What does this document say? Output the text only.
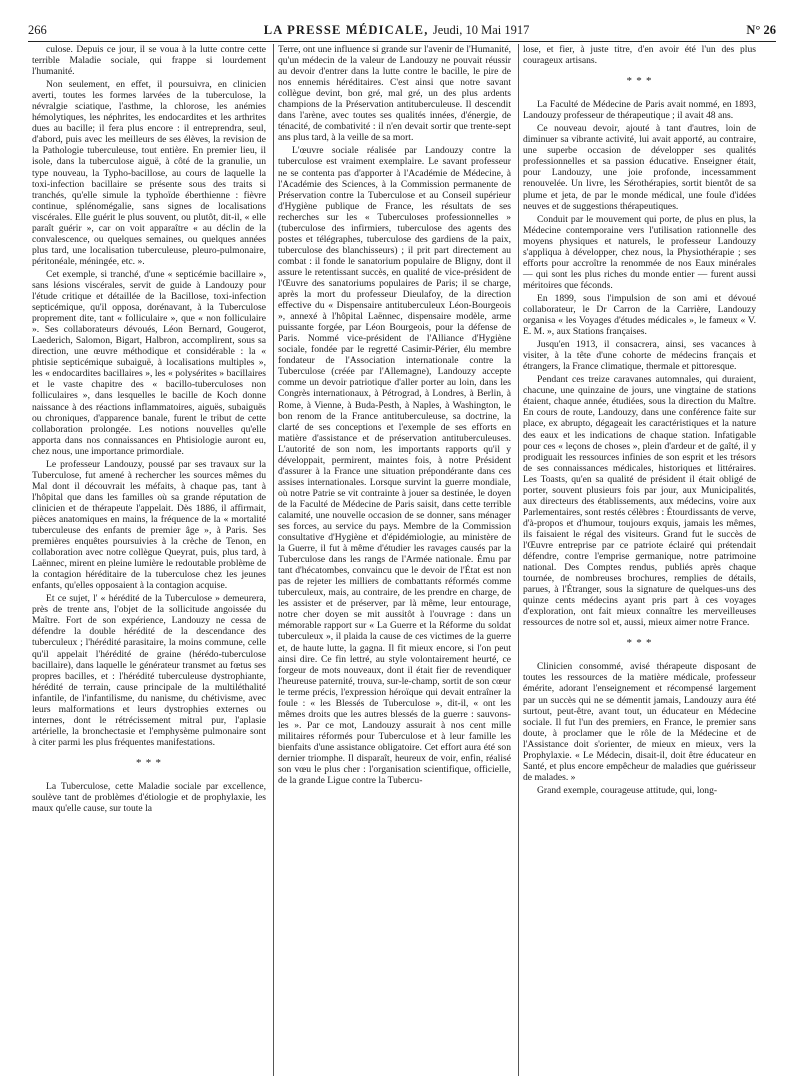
266	LA PRESSE MÉDICALE, Jeudi, 10 Mai 1917	N° 26

culose. Depuis ce jour, il se voua à la lutte contre cette terrible Maladie sociale, qui frappe si lourdement l'humanité.

Non seulement, en effet, il poursuivra, en clinicien averti, toutes les formes larvées de la tuberculose, la névralgie sciatique, l'asthme, la chlorose, les anémies hémolytiques, les néphrites, les endocardites et les arthrites dues au bacille; il fera plus encore : il entreprendra, seul, d'abord, puis avec les meilleurs de ses élèves, la revision de la Pathologie tuberculeuse, tout entière. En premier lieu, il isole, dans la tuberculose aiguë, à côté de la granulie, un type nouveau, la Typho-bacillose, au cours de laquelle la toxi-infection bacillaire se présente sous des traits si tranchés, qu'elle simule la typhoïde éberthienne : fièvre continue, splénomégalie, sans signes de localisations viscérales. Elle guérit le plus souvent, ou plutôt, dit-il, « elle paraît guérir », car on voit apparaître « au déclin de la convalescence, ou quelques semaines, ou quelques années plus tard, une localisation tuberculeuse, pleuro-pulmonaire, péritonéale, méningée, etc. ».

Cet exemple, si tranché, d'une « septicémie bacillaire », sans lésions viscérales, servit de guide à Landouzy pour l'étude critique et détaillée de la Bacillose, toxi-infection septicémique, qu'il opposa, dorénavant, à la Tuberculose proprement dite, tant « folliculaire », que « non folliculaire ». Ses collaborateurs dévoués, Léon Bernard, Gougerot, Laederich, Salomon, Bigart, Halbron, accomplirent, sous sa direction, une œuvre méthodique et considérable : la « phtisie septicémique subaiguë, à localisations multiples », les « endocardites bacillaires », les « polysérites » bacillaires et le vaste chapitre des « bacillo-tuberculoses non folliculaires », dans lesquelles le bacille de Koch donne naissance à des réactions inflammatoires, aiguës, subaiguës ou chroniques, d'apparence banale, furent le tribut de cette collaboration prolongée. Les notions nouvelles qu'elle apporta dans nos connaissances en Phtisiologie auront eu, chez nous, une importance primordiale.

Le professeur Landouzy, poussé par ses travaux sur la Tuberculose, fut amené à rechercher les sources mêmes du Mal dont il découvrait les méfaits, à chaque pas, tant à l'hôpital que dans les familles où sa grande réputation de clinicien et de thérapeute l'appelait. Dès 1886, il affirmait, pièces anatomiques en mains, la fréquence de la « mortalité tuberculeuse des enfants de premier âge », à Paris. Ses premières enquêtes poursuivies à la crèche de Tenon, en collaboration avec notre collègue Queyrat, puis, plus tard, à Laënnec, mirent en pleine lumière le redoutable problème de la contagion héréditaire de la tuberculose chez les jeunes enfants, qu'elles opposaient à la contagion acquise.

Et ce sujet, l' « hérédité de la Tuberculose » demeurera, près de trente ans, l'objet de la sollicitude angoissée du Maître. Fort de son expérience, Landouzy ne cessa de défendre la double hérédité de la descendance des tuberculeux ; l'hérédité parasitaire, la moins commune, celle qu'il appelait l'hérédité de graine (hérédo-tuberculose bacillaire), dans laquelle le générateur transmet au fœtus ses propres bacilles, et : l'hérédité tuberculeuse dystrophiante, hérédité de terrain, cause principale de la multiléthalité infantile, de l'infantilisme, du nanisme, du chétivisme, avec leurs malformations et leurs dystrophies externes ou internes, dont le rétrécissement mitral pur, l'aplasie artérielle, la bronchectasie et l'emphysème pulmonaire sont à citer parmi les plus fréquentes manifestations.

* * *

La Tuberculose, cette Maladie sociale par excellence, soulève tant de problèmes d'étiologie et de prophylaxie, les maux qu'elle cause, sur toute la

Terre, ont une influence si grande sur l'avenir de l'Humanité, qu'un médecin de la valeur de Landouzy ne pouvait réussir au devoir d'entrer dans la lutte contre le bacille, le pire de nos ennemis héréditaires. C'est ainsi que notre savant collègue devint, bon gré, mal gré, un des plus ardents champions de la Préservation antituberculeuse. Il descendit dans l'arène, avec toutes ses qualités innées, d'énergie, de ténacité, de combativité : il n'en devait sortir que trente-sept ans plus tard, à la veille de sa mort.

L'œuvre sociale réalisée par Landouzy contre la tuberculose est vraiment exemplaire. Le savant professeur ne se contenta pas d'apporter à l'Académie de Médecine, à l'Académie des Sciences, à la Commission permanente de Préservation contre la Tuberculose et au Conseil supérieur d'Hygiène publique de France, les résultats de ses recherches sur les « Tuberculoses professionnelles » (tuberculose des infirmiers, tuberculose des agents des postes et télégraphes, tuberculose des gardiens de la paix, tuberculose des blanchisseurs) ; il prit part directement au combat : il fonde le sanatorium populaire de Bligny, dont il assure le retentissant succès, en qualité de vice-président de l'Œuvre des sanatoriums populaires de Paris; il se charge, après la mort du professeur Dieulafoy, de la direction effective du « Dispensaire antituberculeux Léon-Bourgeois », annexé à l'hôpital Laënnec, dispensaire modèle, arme puissante forgée, par Léon Bourgeois, pour la défense de Paris. Nommé vice-président de l'Alliance d'Hygiène sociale, fondée par le regretté Casimir-Périer, élu membre fondateur de l'Association internationale contre la Tuberculose (créée par l'Allemagne), Landouzy accepte comme un devoir patriotique d'aller porter au loin, dans les Congrès internationaux, à Pétrograd, à Londres, à Berlin, à Rome, à Vienne, à Buda-Pesth, à Naples, à Washington, le bon renom de la France antituberculeuse, sa doctrine, la clarté de ses conceptions et l'exemple de ses efforts en matière d'assistance et de préservation antituberculeuses. L'autorité de son nom, les importants rapports qu'il y développait, permirent, maintes fois, à notre Président d'assurer à la France une situation prépondérante dans ces assises internationales. Lorsque survint la guerre mondiale, où notre Patrie se vit contrainte à jouer sa destinée, le doyen de la Faculté de Médecine de Paris saisit, dans cette terrible calamité, une nouvelle occasion de se donner, sans ménager ses forces, au service du pays. Membre de la Commission consultative d'Hygiène et d'épidémiologie, au ministère de la Guerre, il fut à même d'étudier les ravages causés par la Tuberculose dans les rangs de l'Armée nationale. Ému par tant d'hécatombes, convaincu que le devoir de l'État est non pas de rejeter les milliers de combattants réformés comme tuberculeux, mais, au contraire, de les prendre en charge, de les assister et de préserver, par là même, leur entourage, notre cher doyen se mit aussitôt à l'ouvrage : dans un mémorable rapport sur « La Guerre et la Réforme du soldat tuberculeux », il plaida la cause de ces victimes de la guerre et, de haute lutte, la gagna. Il fit mieux encore, si l'on peut ainsi dire. Ce fin lettré, au style volontairement heurté, ce forgeur de mots nouveaux, dont il était fier de revendiquer l'heureuse paternité, trouva, sur-le-champ, sortit de son cœur le terme précis, l'expression héroïque qui devait entraîner la foule : « les Blessés de Tuberculose », dit-il, « ont les mêmes droits que les autres blessés de la guerre : sauvons-les ». Par ce mot, Landouzy assurait à nos cent mille militaires réformés pour Tuberculose et à leur famille les bienfaits d'une assistance obligatoire. Cet effort aura été son dernier triomphe. Il disparaît, heureux de voir, enfin, réalisé son vœu le plus cher : l'organisation scientifique, officielle, de la grande Ligue contre la Tubercu-

lose, et fier, à juste titre, d'en avoir été l'un des plus courageux artisans.

* * *

La Faculté de Médecine de Paris avait nommé, en 1893, Landouzy professeur de thérapeutique ; il avait 48 ans.

Ce nouveau devoir, ajouté à tant d'autres, loin de diminuer sa vibrante activité, lui avait apporté, au contraire, une superbe occasion de développer ses qualités professionnelles et sa passion éducative. Enseigner était, pour Landouzy, une joie profonde, incessamment renouvelée. Un livre, les Sérothérapies, sortit bientôt de sa plume et jeta, de par le monde médical, une foule d'idées neuves et de suggestions thérapeutiques.

Conduit par le mouvement qui porte, de plus en plus, la Médecine contemporaine vers l'utilisation rationnelle des moyens physiques et naturels, le professeur Landouzy s'appliqua à développer, chez nous, la Physiothérapie ; ses efforts pour accroître la renommée de nos Eaux minérales — qui sont les plus riches du monde entier — furent aussi méritoires que féconds.

En 1899, sous l'impulsion de son ami et dévoué collaborateur, le Dr Carron de la Carrière, Landouzy organisa « les Voyages d'études médicales », le fameux « V. E. M. », aux Stations françaises.

Jusqu'en 1913, il consacrera, ainsi, ses vacances à visiter, à la tête d'une cohorte de médecins français et étrangers, la France climatique, thermale et pittoresque.

Pendant ces treize caravanes automnales, qui duraient, chacune, une quinzaine de jours, une vingtaine de stations étaient, chaque année, étudiées, sous la direction du Maître. En cours de route, Landouzy, dans une conférence faite sur place, ex abrupto, dégageait les caractéristiques et la nature des eaux et les indications de chaque station. Infatigable pour ces « leçons de choses », plein d'ardeur et de gaîté, il y prodiguait les ressources infinies de son esprit et les trésors de ses connaissances médicales, historiques et littéraires. Les Toasts, qu'en sa qualité de président il était obligé de porter, souvent plusieurs fois par jour, aux Municipalités, aux directeurs des établissements, aux médecins, voire aux Parlementaires, sont restés célèbres : Étourdissants de verve, d'à-propos et d'humour, toujours exquis, jamais les mêmes, ils faisaient le régal des visiteurs. Grand fut le succès de l'Œuvre entreprise par ce patriote éclairé qui prétendait défendre, contre l'emprise germanique, notre patrimoine national. Des Comptes rendus, publiés après chaque tournée, de nombreuses brochures, remplies de détails, parues, à l'Étranger, sous la signature de quelques-uns des quinze cents médecins ayant pris part à ces voyages d'exploration, ont fait mieux connaître les merveilleuses ressources de notre sol et, aussi, mieux aimer notre France.

* * *

Clinicien consommé, avisé thérapeute disposant de toutes les ressources de la matière médicale, professeur émérite, adorant l'enseignement et récompensé largement par un succès qui ne se démentit jamais, Landouzy aura été surtout, peut-être, avant tout, un éducateur en Médecine sociale. Il fut l'un des premiers, en France, le premier sans doute, à proclamer que le rôle de la Médecine et de l'Assistance doit s'orienter, de mieux en mieux, vers la Prophylaxie. « Le Médecin, disait-il, doit être éducateur en Santé, et plus encore empêcheur de maladies que guérisseur de malades. »

Grand exemple, courageuse attitude, qui, long-
